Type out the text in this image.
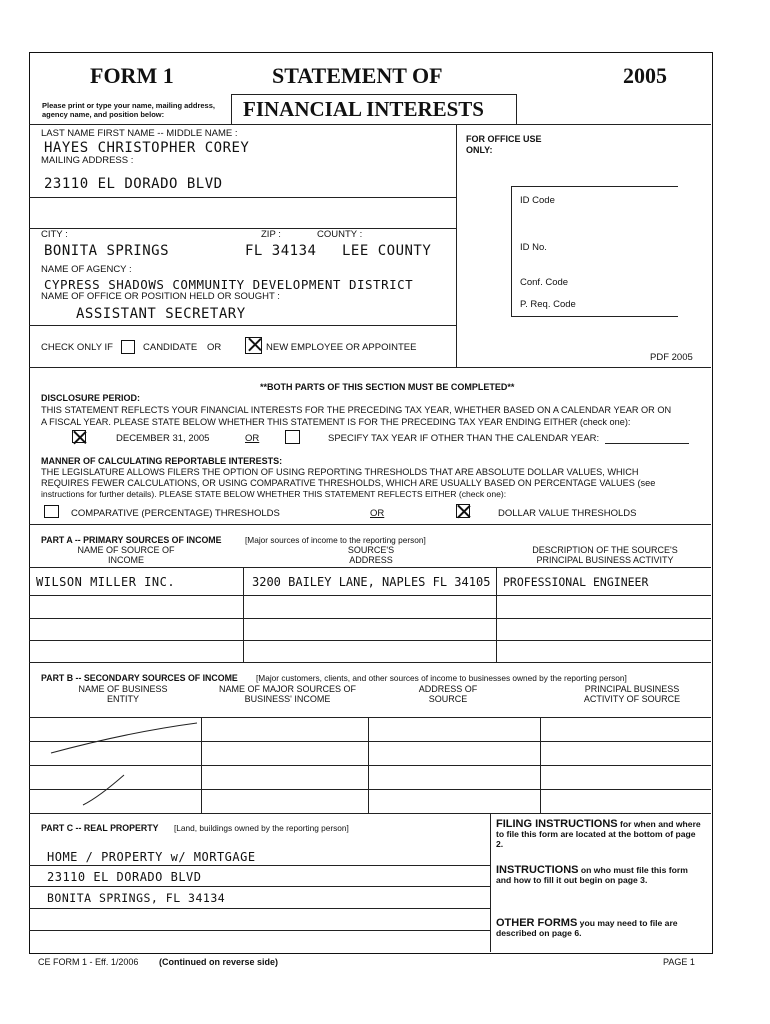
FORM 1	STATEMENT OF	2005
Please print or type your name, mailing address, agency name, and position below:	FINANCIAL INTERESTS
LAST NAME FIRST NAME -- MIDDLE NAME :
HAYES CHRISTOPHER COREY
MAILING ADDRESS :
23110 EL DORADO BLVD
CITY :	ZIP :	COUNTY :
BONITA SPRINGS	FL 34134 LEE COUNTY
NAME OF AGENCY :
CYPRESS SHADOWS COMMUNITY DEVELOPMENT DISTRICT
NAME OF OFFICE OR POSITION HELD OR SOUGHT :
ASSISTANT SECRETARY
CHECK ONLY IF	CANDIDATE OR	NEW EMPLOYEE OR APPOINTEE
FOR OFFICE USE ONLY:
ID Code
ID No.
Conf. Code
P. Req. Code
PDF 2005
**BOTH PARTS OF THIS SECTION MUST BE COMPLETED**
DISCLOSURE PERIOD:
THIS STATEMENT REFLECTS YOUR FINANCIAL INTERESTS FOR THE PRECEDING TAX YEAR, WHETHER BASED ON A CALENDAR YEAR OR ON
A FISCAL YEAR. PLEASE STATE BELOW WHETHER THIS STATEMENT IS FOR THE PRECEDING TAX YEAR ENDING EITHER (check one):
DECEMBER 31, 2005	OR	SPECIFY TAX YEAR IF OTHER THAN THE CALENDAR YEAR:
MANNER OF CALCULATING REPORTABLE INTERESTS:
THE LEGISLATURE ALLOWS FILERS THE OPTION OF USING REPORTING THRESHOLDS THAT ARE ABSOLUTE DOLLAR VALUES, WHICH
REQUIRES FEWER CALCULATIONS, OR USING COMPARATIVE THRESHOLDS, WHICH ARE USUALLY BASED ON PERCENTAGE VALUES (see
instructions for further details). PLEASE STATE BELOW WHETHER THIS STATEMENT REFLECTS EITHER (check one):
COMPARATIVE (PERCENTAGE) THRESHOLDS	OR	DOLLAR VALUE THRESHOLDS
PART A -- PRIMARY SOURCES OF INCOME	[Major sources of income to the reporting person]
NAME OF SOURCE OF INCOME
SOURCE'S ADDRESS
DESCRIPTION OF THE SOURCE'S PRINCIPAL BUSINESS ACTIVITY
WILSON MILLER INC.	3200 BAILEY LANE, NAPLES FL 34105 PROFESSIONAL ENGINEER
PART B -- SECONDARY SOURCES OF INCOME [Major customers, clients, and other sources of income to businesses owned by the reporting person]
NAME OF BUSINESS ENTITY
NAME OF MAJOR SOURCES OF BUSINESS' INCOME
ADDRESS OF SOURCE
PRINCIPAL BUSINESS ACTIVITY OF SOURCE
PART C -- REAL PROPERTY [Land, buildings owned by the reporting person]
HOME / PROPERTY w/ MORTGAGE
23110 EL DORADO BLVD
BONITA SPRINGS, FL 34134
FILING INSTRUCTIONS for when and where to file this form are located at the bottom of page 2.
INSTRUCTIONS on who must file this form and how to fill it out begin on page 3.
OTHER FORMS you may need to file are described on page 6.
CE FORM 1 - Eff. 1/2006 (Continued on reverse side)	PAGE 1
